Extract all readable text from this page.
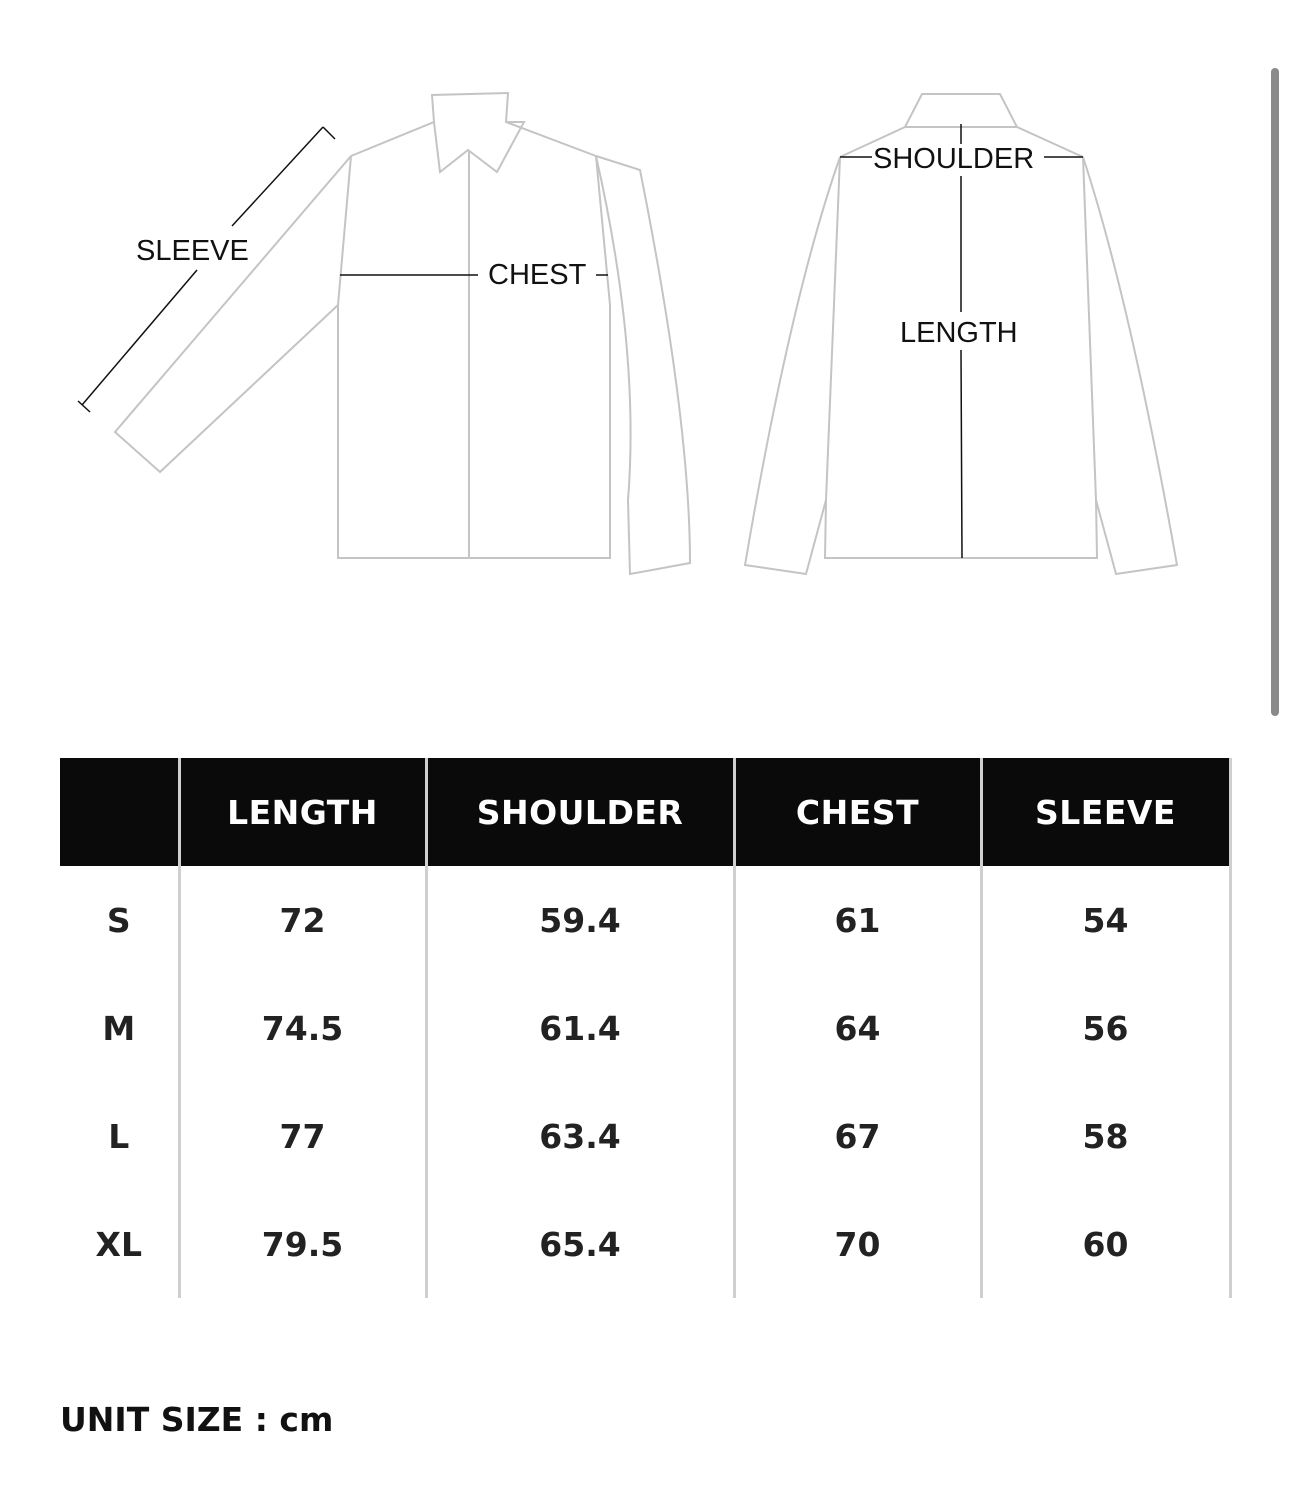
SLEEVE
CHEST
SHOULDER
LENGTH
	LENGTH	SHOULDER	CHEST	SLEEVE
S	72	59.4	61	54
M	74.5	61.4	64	56
L	77	63.4	67	58
XL	79.5	65.4	70	60

UNIT SIZE : cm
